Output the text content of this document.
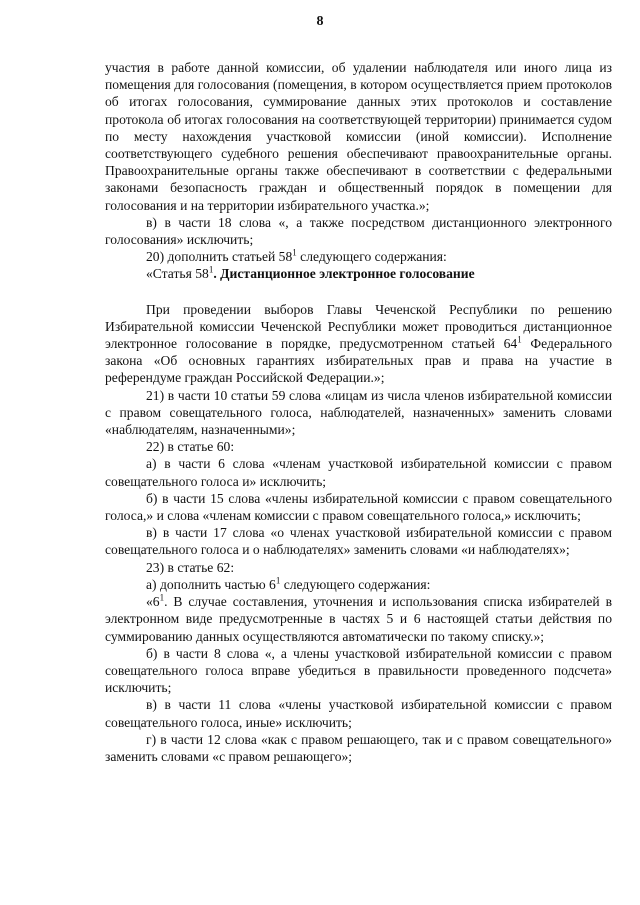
8

участия в работе данной комиссии, об удалении наблюдателя или иного лица из помещения для голосования (помещения, в котором осуществляется прием протоколов об итогах голосования, суммирование данных этих протоколов и составление протокола об итогах голосования на соответствующей территории) принимается судом по месту нахождения участковой комиссии (иной комиссии). Исполнение соответствующего судебного решения обеспечивают правоохранительные органы. Правоохранительные органы также обеспечивают в соответствии с федеральными законами безопасность граждан и общественный порядок в помещении для голосования и на территории избирательного участка.»;

в) в части 18 слова «, а также посредством дистанционного электронного голосования» исключить;

20) дополнить статьей $58^1$ следующего содержания:

«Статья $58^1$. Дистанционное электронное голосование

При проведении выборов Главы Чеченской Республики по решению Избирательной комиссии Чеченской Республики может проводиться дистанционное электронное голосование в порядке, предусмотренном статьей $64^1$ Федерального закона «Об основных гарантиях избирательных прав и права на участие в референдуме граждан Российской Федерации.»;

21) в части 10 статьи 59 слова «лицам из числа членов избирательной комиссии с правом совещательного голоса, наблюдателей, назначенных» заменить словами «наблюдателям, назначенными»;

22) в статье 60:

а) в части 6 слова «членам участковой избирательной комиссии с правом совещательного голоса и» исключить;

б) в части 15 слова «члены избирательной комиссии с правом совещательного голоса,» и слова «членам комиссии с правом совещательного голоса,» исключить;

в) в части 17 слова «о членах участковой избирательной комиссии с правом совещательного голоса и о наблюдателях» заменить словами «и наблюдателях»;

23) в статье 62:

а) дополнить частью $6^1$ следующего содержания:

«$6^1$. В случае составления, уточнения и использования списка избирателей в электронном виде предусмотренные в частях 5 и 6 настоящей статьи действия по суммированию данных осуществляются автоматически по такому списку.»;

б) в части 8 слова «, а члены участковой избирательной комиссии с правом совещательного голоса вправе убедиться в правильности проведенного подсчета» исключить;

в) в части 11 слова «члены участковой избирательной комиссии с правом совещательного голоса, иные» исключить;

г) в части 12 слова «как с правом решающего, так и с правом совещательного» заменить словами «с правом решающего»;
